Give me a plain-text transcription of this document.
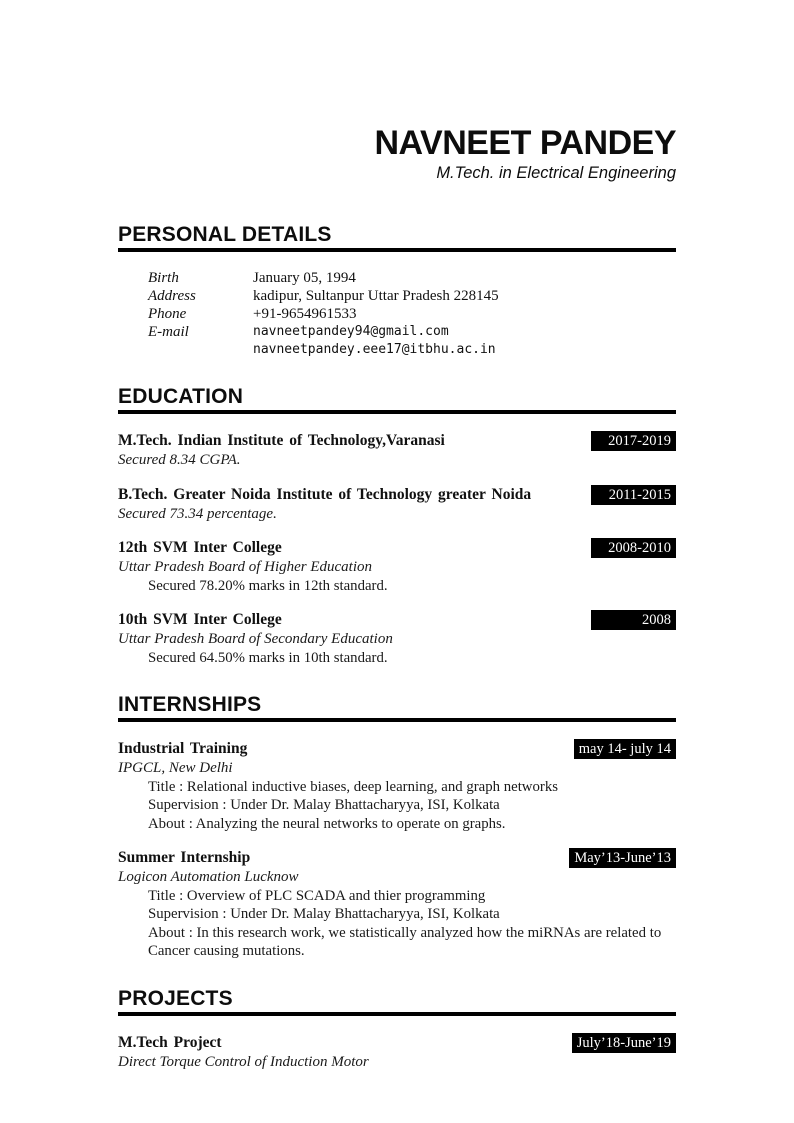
NAVNEET PANDEY
M.Tech. in Electrical Engineering
PERSONAL DETAILS
Birth	January 05, 1994
Address	kadipur, Sultanpur Uttar Pradesh 228145
Phone	+91-9654961533
E-mail	navneetpandey94@gmail.com
navneetpandey.eee17@itbhu.ac.in
EDUCATION
M.Tech. Indian Institute of Technology,Varanasi	2017-2019
Secured 8.34 CGPA.
B.Tech. Greater Noida Institute of Technology greater Noida	2011-2015
Secured 73.34 percentage.
12th SVM Inter College	2008-2010
Uttar Pradesh Board of Higher Education
Secured 78.20% marks in 12th standard.
10th SVM Inter College	2008
Uttar Pradesh Board of Secondary Education
Secured 64.50% marks in 10th standard.
INTERNSHIPS
Industrial Training	may 14- july 14
IPGCL, New Delhi
Title : Relational inductive biases, deep learning, and graph networks
Supervision : Under Dr. Malay Bhattacharyya, ISI, Kolkata
About : Analyzing the neural networks to operate on graphs.
Summer Internship	May’13-June’13
Logicon Automation Lucknow
Title : Overview of PLC SCADA and thier programming
Supervision : Under Dr. Malay Bhattacharyya, ISI, Kolkata
About : In this research work, we statistically analyzed how the miRNAs are related to Cancer causing mutations.
PROJECTS
M.Tech Project	July’18-June’19
Direct Torque Control of Induction Motor
